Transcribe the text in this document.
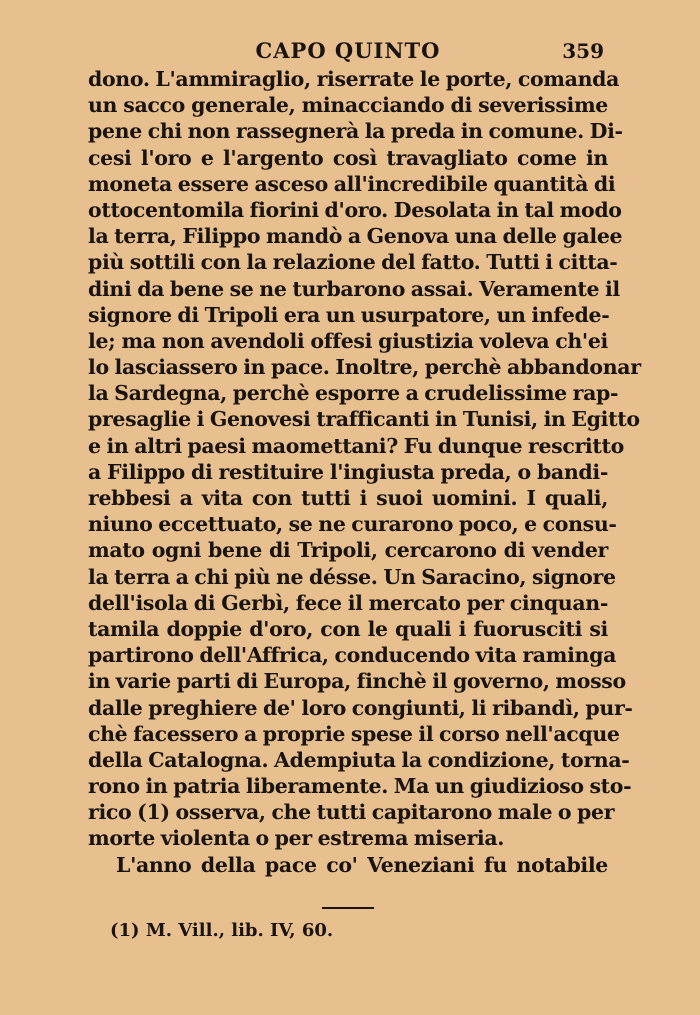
CAPO QUINTO	359
dono. L'ammiraglio, riserrate le porte, comanda
un sacco generale, minacciando di severissime
pene chi non rassegnerà la preda in comune. Di-
cesi l'oro e l'argento così travagliato come in
moneta essere asceso all'incredibile quantità di
ottocentomila fiorini d'oro. Desolata in tal modo
la terra, Filippo mandò a Genova una delle galee
più sottili con la relazione del fatto. Tutti i citta-
dini da bene se ne turbarono assai. Veramente il
signore di Tripoli era un usurpatore, un infede-
le; ma non avendoli offesi giustizia voleva ch'ei
lo lasciassero in pace. Inoltre, perchè abbandonar
la Sardegna, perchè esporre a crudelissime rap-
presaglie i Genovesi trafficanti in Tunisi, in Egitto
e in altri paesi maomettani? Fu dunque rescritto
a Filippo di restituire l'ingiusta preda, o bandi-
rebbesi a vita con tutti i suoi uomini. I quali,
niuno eccettuato, se ne curarono poco, e consu-
mato ogni bene di Tripoli, cercarono di vender
la terra a chi più ne désse. Un Saracino, signore
dell'isola di Gerbì, fece il mercato per cinquan-
tamila doppie d'oro, con le quali i fuorusciti si
partirono dell'Affrica, conducendo vita raminga
in varie parti di Europa, finchè il governo, mosso
dalle preghiere de' loro congiunti, li ribandì, pur-
chè facessero a proprie spese il corso nell'acque
della Catalogna. Adempiuta la condizione, torna-
rono in patria liberamente. Ma un giudizioso sto-
rico (1) osserva, che tutti capitarono male o per
morte violenta o per estrema miseria.
L'anno della pace co' Veneziani fu notabile
(1) M. Vill., lib. IV, 60.
